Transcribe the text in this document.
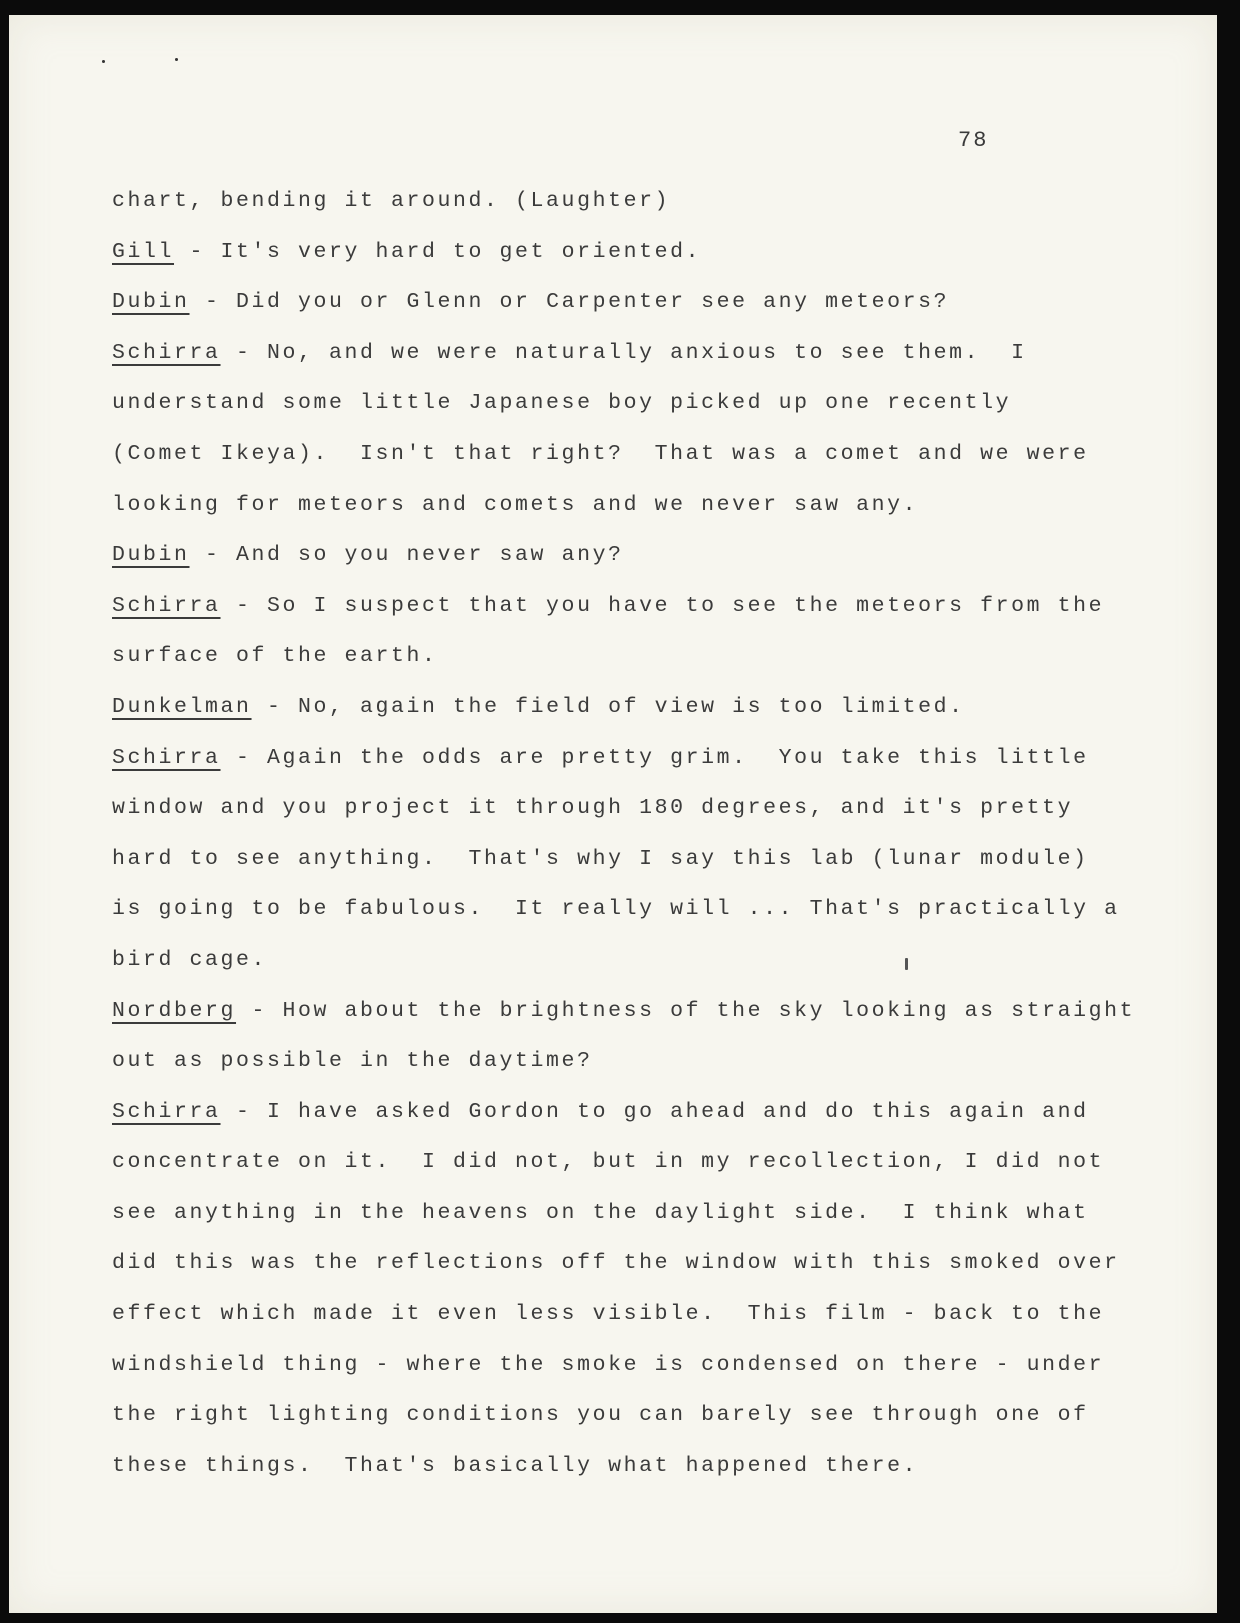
78
chart, bending it around. (Laughter)
Gill - It's very hard to get oriented.
Dubin - Did you or Glenn or Carpenter see any meteors?
Schirra - No, and we were naturally anxious to see them.  I
understand some little Japanese boy picked up one recently
(Comet Ikeya).  Isn't that right?  That was a comet and we were
looking for meteors and comets and we never saw any.
Dubin - And so you never saw any?
Schirra - So I suspect that you have to see the meteors from the
surface of the earth.
Dunkelman - No, again the field of view is too limited.
Schirra - Again the odds are pretty grim.  You take this little
window and you project it through 180 degrees, and it's pretty
hard to see anything.  That's why I say this lab (lunar module)
is going to be fabulous.  It really will ... That's practically a
bird cage.
Nordberg - How about the brightness of the sky looking as straight
out as possible in the daytime?
Schirra - I have asked Gordon to go ahead and do this again and
concentrate on it.  I did not, but in my recollection, I did not
see anything in the heavens on the daylight side.  I think what
did this was the reflections off the window with this smoked over
effect which made it even less visible.  This film - back to the
windshield thing - where the smoke is condensed on there - under
the right lighting conditions you can barely see through one of
these things.  That's basically what happened there.
